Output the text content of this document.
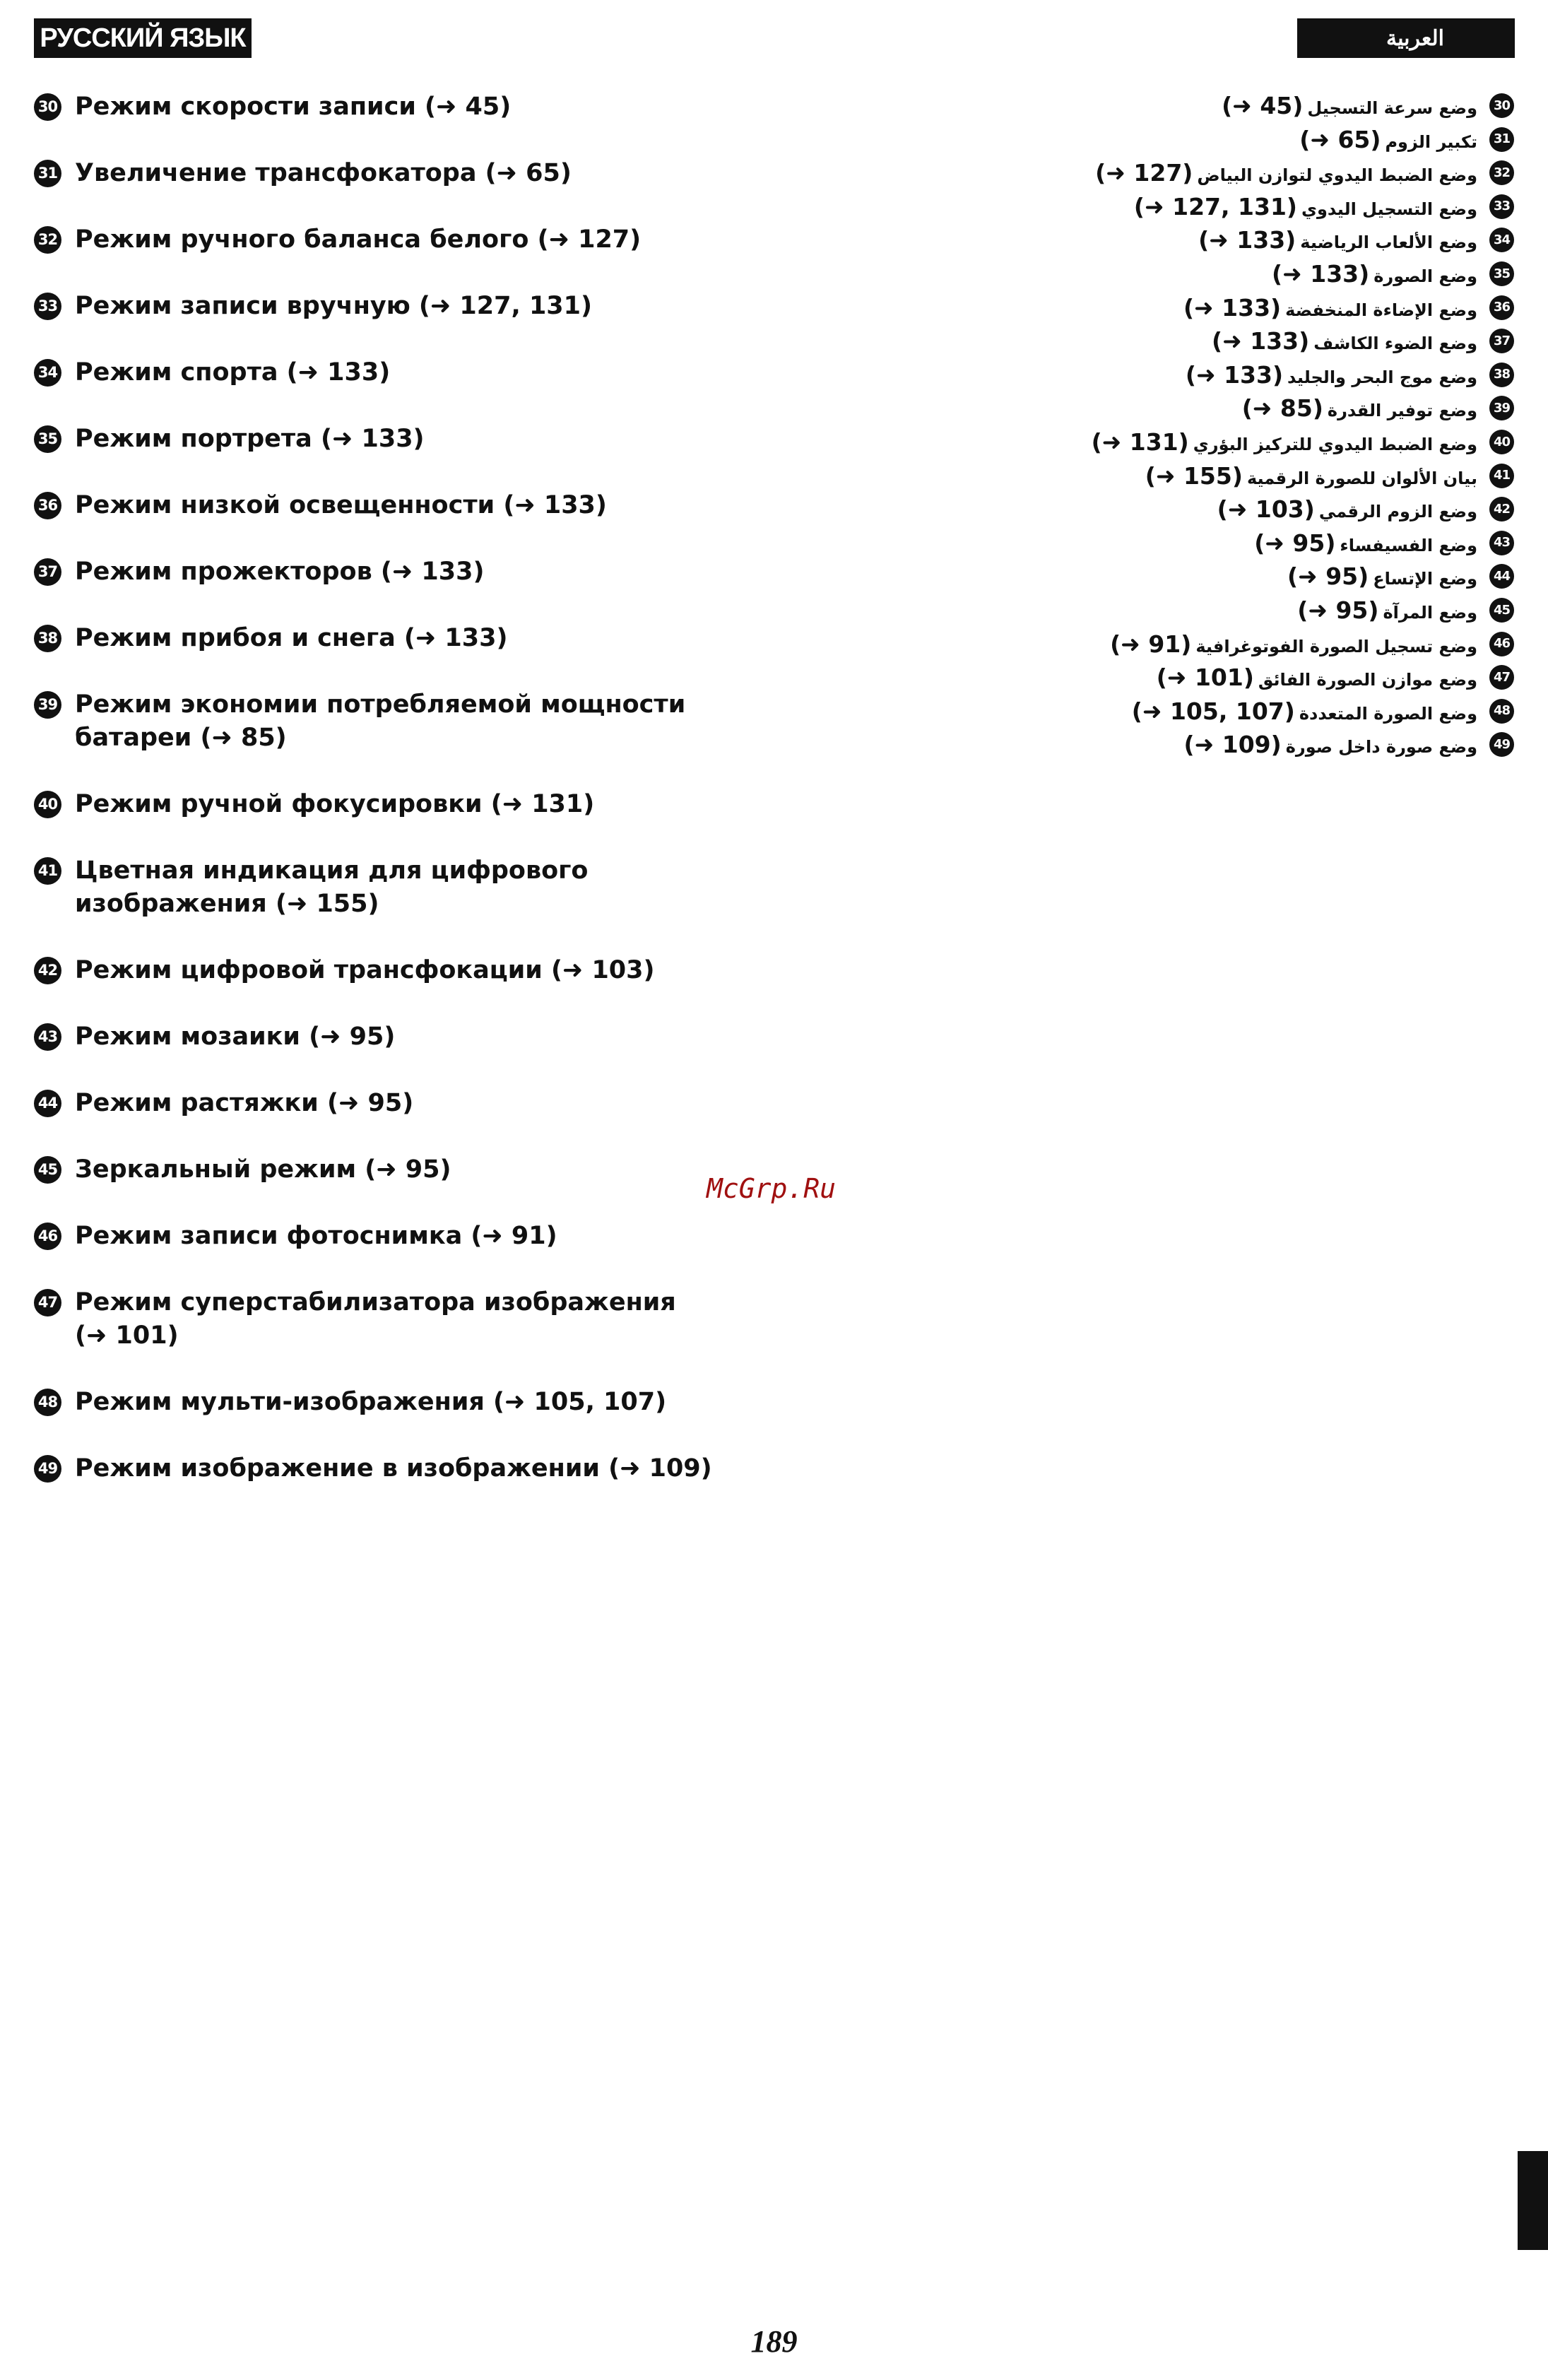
РУССКИЙ ЯЗЫК	العربية
30 Режим скорости записи (➜ 45)
31 Увеличение трансфокатора (➜ 65)
32 Режим ручного баланса белого (➜ 127)
33 Режим записи вручную (➜ 127, 131)
34 Режим спорта (➜ 133)
35 Режим портрета (➜ 133)
36 Режим низкой освещенности (➜ 133)
37 Режим прожекторов (➜ 133)
38 Режим прибоя и снега (➜ 133)
39 Режим экономии потребляемой мощности батареи (➜ 85)
40 Режим ручной фокусировки (➜ 131)
41 Цветная индикация для цифрового изображения (➜ 155)
42 Режим цифровой трансфокации (➜ 103)
43 Режим мозаики (➜ 95)
44 Режим растяжки (➜ 95)
45 Зеркальный режим (➜ 95)
46 Режим записи фотоснимка (➜ 91)
47 Режим суперстабилизатора изображения (➜ 101)
48 Режим мульти-изображения (➜ 105, 107)
49 Режим изображение в изображении (➜ 109)
(➜ 45) وضع سرعة التسجيل	30
(➜ 65) تكبير الزوم	31
(➜ 127) وضع الضبط اليدوي لتوازن البياض	32
(➜ 127, 131) وضع التسجيل اليدوي	33
(➜ 133) وضع الألعاب الرياضية	34
(➜ 133) وضع الصورة	35
(➜ 133) وضع الإضاءة المنخفضة	36
(➜ 133) وضع الضوء الكاشف	37
(➜ 133) وضع موج البحر والجليد	38
(➜ 85) وضع توفير القدرة	39
(➜ 131) وضع الضبط اليدوي للتركيز البؤري	40
(➜ 155) بيان الألوان للصورة الرقمية	41
(➜ 103) وضع الزوم الرقمي	42
(➜ 95) وضع الفسيفساء	43
(➜ 95) وضع الإتساع	44
(➜ 95) وضع المرآة	45
(➜ 91) وضع تسجيل الصورة الفوتوغرافية	46
(➜ 101) وضع موازن الصورة الفائق	47
(➜ 105, 107) وضع الصورة المتعددة	48
(➜ 109) وضع صورة داخل صورة	49
McGrp.Ru
189
